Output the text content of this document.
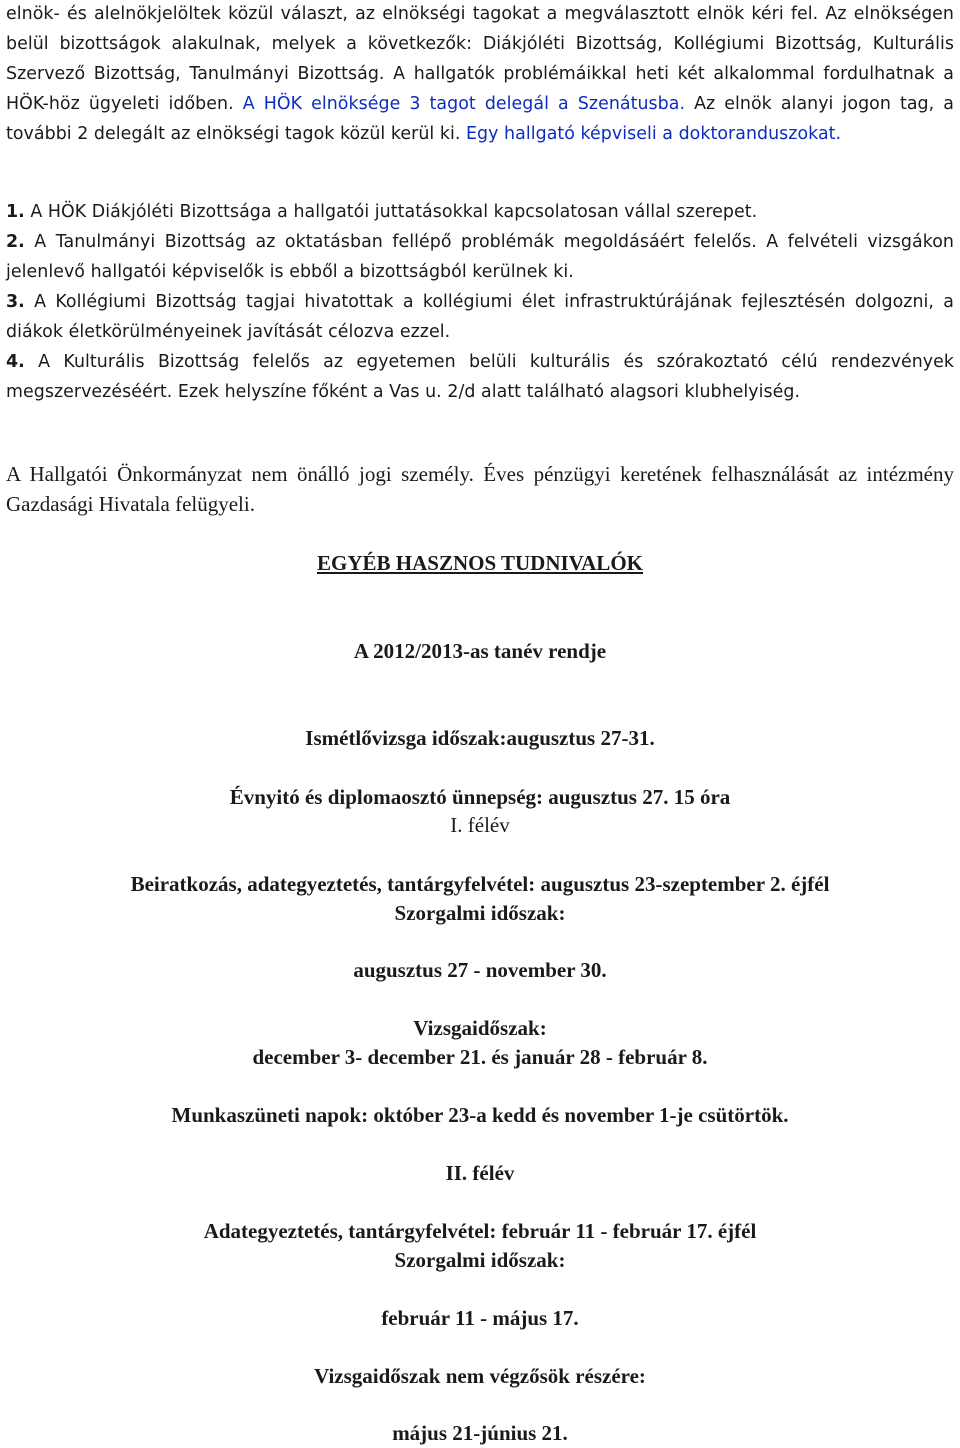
elnök- és alelnökjelöltek közül választ, az elnökségi tagokat a megválasztott elnök kéri fel. Az elnökségen belül bizottságok alakulnak, melyek a következők: Diákjóléti Bizottság, Kollégiumi Bizottság, Kulturális Szervező Bizottság, Tanulmányi Bizottság. A hallgatók problémáikkal heti két alkalommal fordulhatnak a HÖK-höz ügyeleti időben. A HÖK elnöksége 3 tagot delegál a Szenátusba. Az elnök alanyi jogon tag, a további 2 delegált az elnökségi tagok közül kerül ki. Egy hallgató képviseli a doktoranduszokat.

1. A HÖK Diákjóléti Bizottsága a hallgatói juttatásokkal kapcsolatosan vállal szerepet.
2. A Tanulmányi Bizottság az oktatásban fellépő problémák megoldásáért felelős. A felvételi vizsgákon jelenlevő hallgatói képviselők is ebből a bizottságból kerülnek ki.
3. A Kollégiumi Bizottság tagjai hivatottak a kollégiumi élet infrastruktúrájának fejlesztésén dolgozni, a diákok életkörülményeinek javítását célozva ezzel.
4. A Kulturális Bizottság felelős az egyetemen belüli kulturális és szórakoztató célú rendezvények megszervezéséért. Ezek helyszíne főként a Vas u. 2/d alatt található alagsori klubhelyiség.

A Hallgatói Önkormányzat nem önálló jogi személy. Éves pénzügyi keretének felhasználását az intézmény Gazdasági Hivatala felügyeli.

EGYÉB HASZNOS TUDNIVALÓK

A 2012/2013-as tanév rendje

Ismétlővizsga időszak:augusztus 27-31.

Évnyitó és diplomaosztó ünnepség: augusztus 27. 15 óra

I. félév

Beiratkozás, adategyeztetés, tantárgyfelvétel: augusztus 23-szeptember 2. éjfél

Szorgalmi időszak:

augusztus 27 - november 30.

Vizsgaidőszak:

december 3- december 21. és január 28 - február 8.

Munkaszüneti napok: október 23-a kedd és november 1-je csütörtök.

II. félév

Adategyeztetés, tantárgyfelvétel: február 11 - február 17. éjfél

Szorgalmi időszak:

február 11 - május 17.

Vizsgaidőszak nem végzősök részére:

május 21-június 21.
